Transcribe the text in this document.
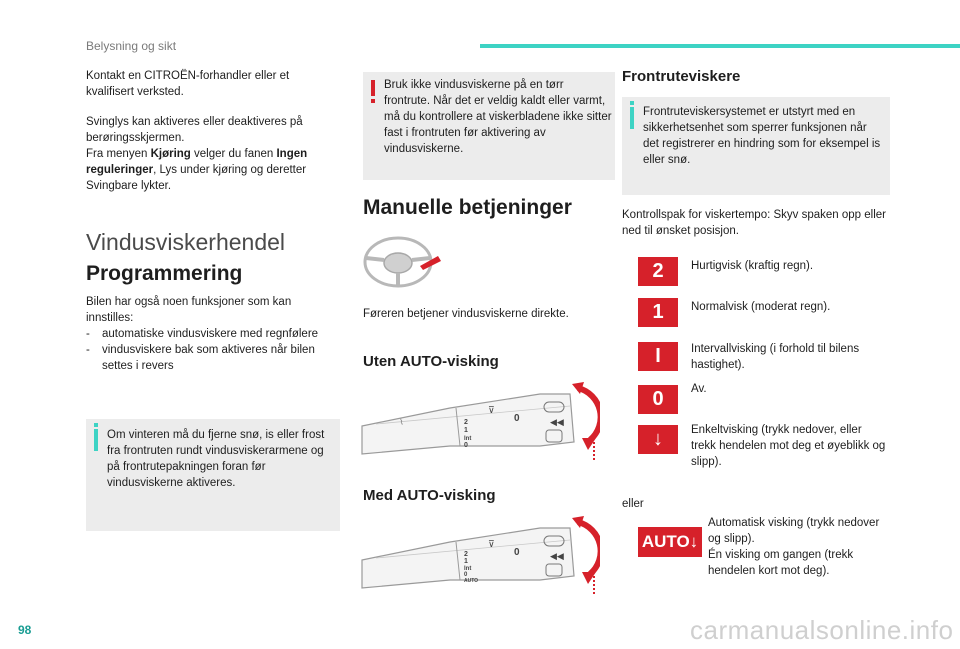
Belysning og sikt
Kontakt en CITROËN-forhandler eller et kvalifisert verksted.
Svinglys kan aktiveres eller deaktiveres på berøringsskjermen.
Fra menyen Kjøring velger du fanen Ingen reguleringer, Lys under kjøring og deretter Svingbare lykter.
Vindusviskerhendel
Programmering
Bilen har også noen funksjoner som kan innstilles:
- automatiske vindusviskere med regnfølere
- vindusviskere bak som aktiveres når bilen settes i revers
Om vinteren må du fjerne snø, is eller frost fra frontruten rundt vindusviskerarmene og på frontrutepakningen foran før vindusviskerne aktiveres.
Bruk ikke vindusviskerne på en tørr frontrute. Når det er veldig kaldt eller varmt, må du kontrollere at viskerbladene ikke sitter fast i frontruten før aktivering av vindusviskerne.
Manuelle betjeninger
Føreren betjener vindusviskerne direkte.
Uten AUTO-visking
⌇	2
1
Int
0
0
⊽
◀◀
Med AUTO-visking
2
1
Int
0
AUTO
0
⊽
◀◀
Frontruteviskere
Frontruteviskersystemet er utstyrt med en sikkerhetsenhet som sperrer funksjonen når det registrerer en hindring som for eksempel is eller snø.
Kontrollspak for viskertempo: Skyv spaken opp eller ned til ønsket posisjon.
2	Hurtigvisk (kraftig regn).
1	Normalvisk (moderat regn).
I	Intervallvisking (i forhold til bilens hastighet).
0	Av.
↓	Enkeltvisking (trykk nedover, eller trekk hendelen mot deg et øyeblikk og slipp).
eller
AUTO↓
Automatisk visking (trykk nedover og slipp).
Én visking om gangen (trekk hendelen kort mot deg).
98	carmanualsonline.info
